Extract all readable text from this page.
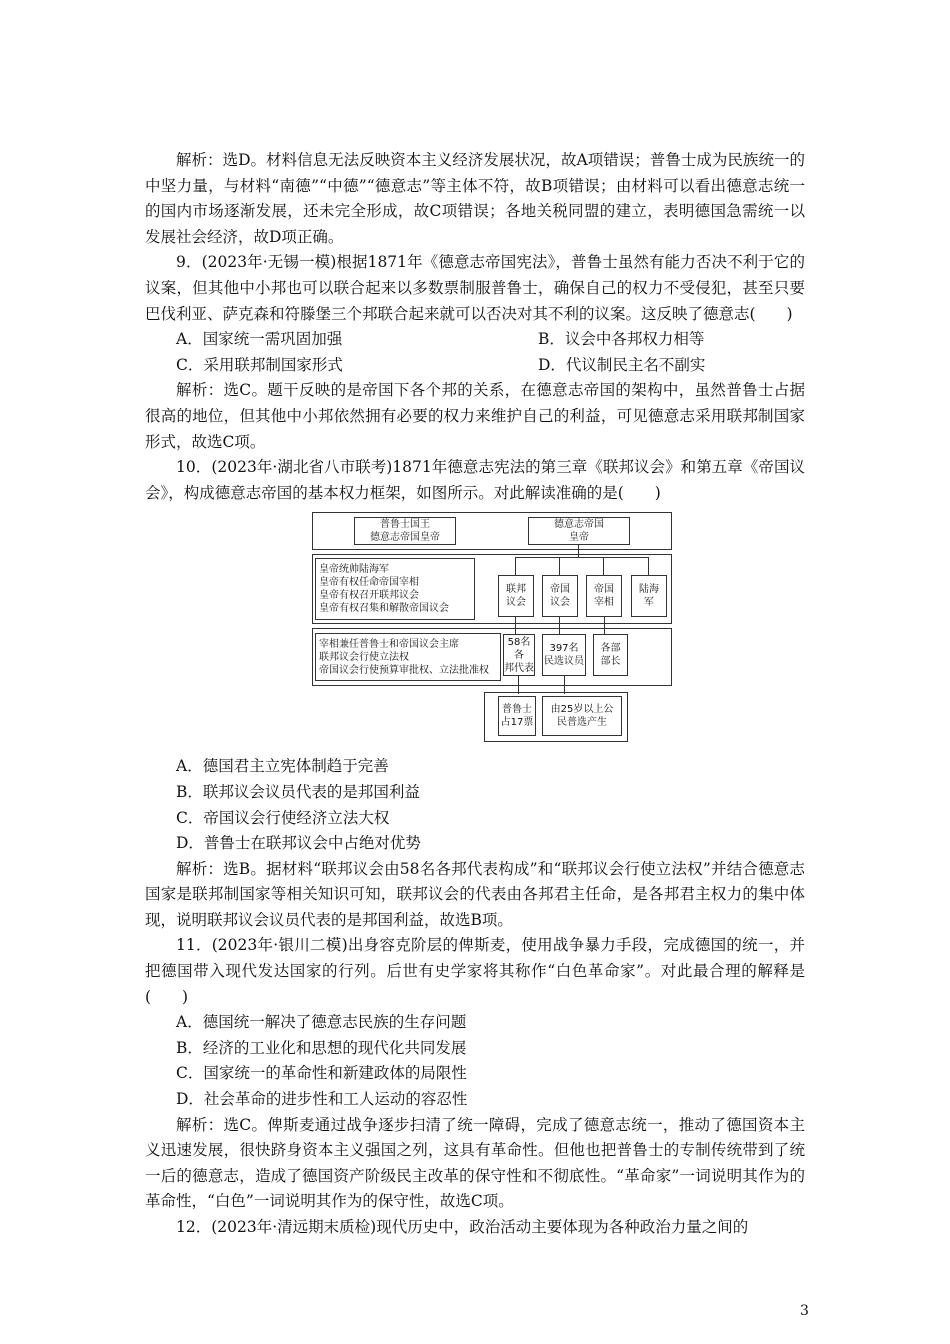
解析：选D。材料信息无法反映资本主义经济发展状况，故A项错误；普鲁士成为民族统一的中坚力量，与材料“南德”“中德”“德意志”等主体不符，故B项错误；由材料可以看出德意志统一的国内市场逐渐发展，还未完全形成，故C项错误；各地关税同盟的建立，表明德国急需统一以发展社会经济，故D项正确。

9．(2023年·无锡一模)根据1871年《德意志帝国宪法》，普鲁士虽然有能力否决不利于它的议案，但其他中小邦也可以联合起来以多数票制服普鲁士，确保自己的权力不受侵犯，甚至只要巴伐利亚、萨克森和符滕堡三个邦联合起来就可以否决对其不利的议案。这反映了德意志(　　)

A．国家统一需巩固加强	B．议会中各邦权力相等
C．采用联邦制国家形式	D．代议制民主名不副实

解析：选C。题干反映的是帝国下各个邦的关系，在德意志帝国的架构中，虽然普鲁士占据很高的地位，但其他中小邦依然拥有必要的权力来维护自己的利益，可见德意志采用联邦制国家形式，故选C项。

10．(2023年·湖北省八市联考)1871年德意志宪法的第三章《联邦议会》和第五章《帝国议会》，构成德意志帝国的基本权力框架，如图所示。对此解读准确的是(　　)

普鲁士国王
德意志帝国皇帝
德意志帝国
皇帝
皇帝统帅陆海军
皇帝有权任命帝国宰相
皇帝有权召开联邦议会
皇帝有权召集和解散帝国议会
联邦
议会
帝国
议会
帝国
宰相
陆海
军
宰相兼任普鲁士和帝国议会主席
联邦议会行使立法权
帝国议会行使预算审批权、立法批准权
58名各
邦代表
397名
民选议员
各部
部长
普鲁士
占17票
由25岁以上公
民普选产生
A．德国君主立宪体制趋于完善
B．联邦议会议员代表的是邦国利益
C．帝国议会行使经济立法大权
D．普鲁士在联邦议会中占绝对优势

解析：选B。据材料“联邦议会由58名各邦代表构成”和“联邦议会行使立法权”并结合德意志国家是联邦制国家等相关知识可知，联邦议会的代表由各邦君主任命，是各邦君主权力的集中体现，说明联邦议会议员代表的是邦国利益，故选B项。

11．(2023年·银川二模)出身容克阶层的俾斯麦，使用战争暴力手段，完成德国的统一，并把德国带入现代发达国家的行列。后世有史学家将其称作“白色革命家”。对此最合理的解释是(　　)

A．德国统一解决了德意志民族的生存问题
B．经济的工业化和思想的现代化共同发展
C．国家统一的革命性和新建政体的局限性
D．社会革命的进步性和工人运动的容忍性

解析：选C。俾斯麦通过战争逐步扫清了统一障碍，完成了德意志统一，推动了德国资本主义迅速发展，很快跻身资本主义强国之列，这具有革命性。但他也把普鲁士的专制传统带到了统一后的德意志，造成了德国资产阶级民主改革的保守性和不彻底性。“革命家”一词说明其作为的革命性，“白色”一词说明其作为的保守性，故选C项。

12．(2023年·清远期末质检)现代历史中，政治活动主要体现为各种政治力量之间的

3
